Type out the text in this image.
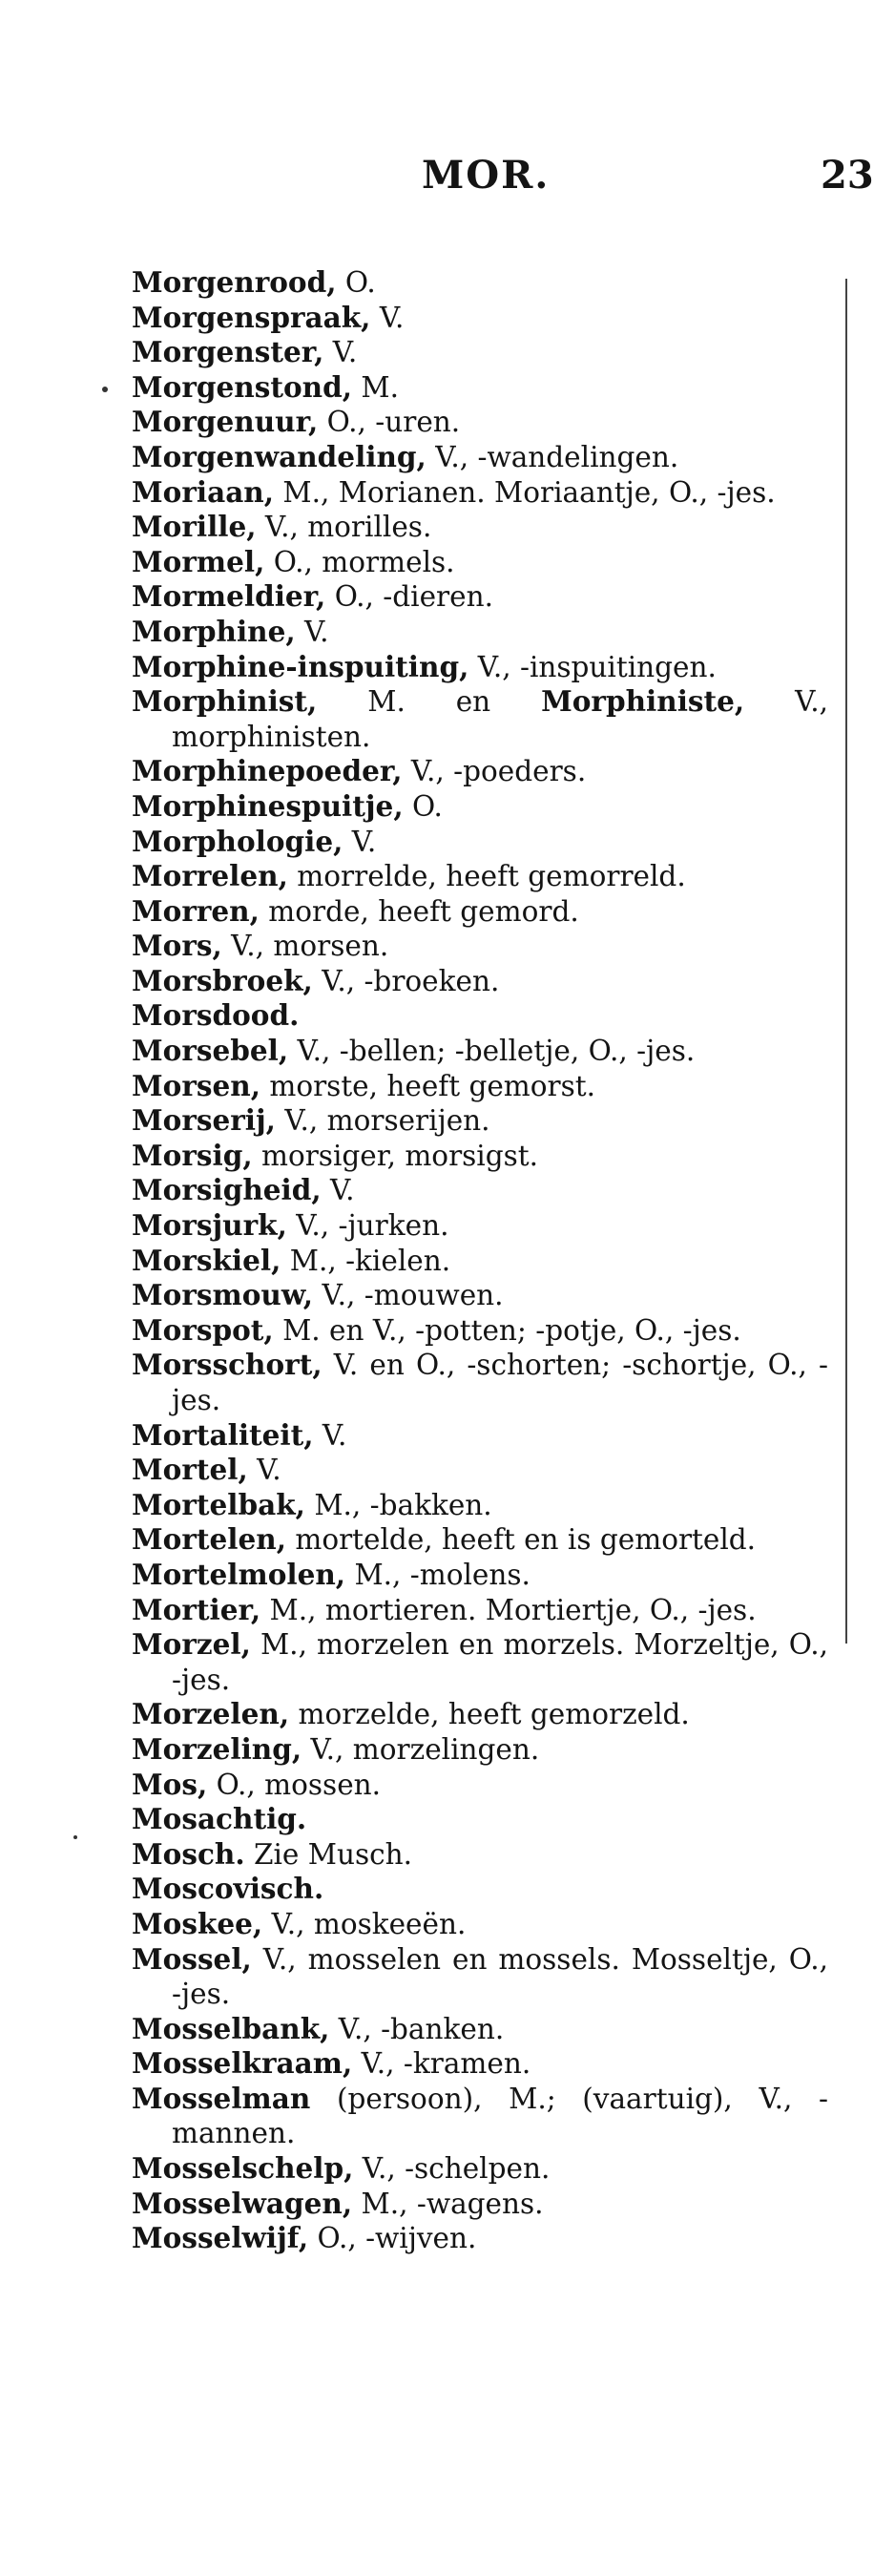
MOR.	23
Morgenrood, O.
Morgenspraak, V.
Morgenster, V.
Morgenstond, M.
Morgenuur, O., -uren.
Morgenwandeling, V., -wandelingen.
Moriaan, M., Morianen. Moriaantje, O., -jes.
Morille, V., morilles.
Mormel, O., mormels.
Mormeldier, O., -dieren.
Morphine, V.
Morphine-inspuiting, V., -inspuitingen.
Morphinist, M. en Morphiniste, V., morphinisten.
Morphinepoeder, V., -poeders.
Morphinespuitje, O.
Morphologie, V.
Morrelen, morrelde, heeft gemorreld.
Morren, morde, heeft gemord.
Mors, V., morsen.
Morsbroek, V., -broeken.
Morsdood.
Morsebel, V., -bellen; -belletje, O., -jes.
Morsen, morste, heeft gemorst.
Morserij, V., morserijen.
Morsig, morsiger, morsigst.
Morsigheid, V.
Morsjurk, V., -jurken.
Morskiel, M., -kielen.
Morsmouw, V., -mouwen.
Morspot, M. en V., -potten; -potje, O., -jes.
Morsschort, V. en O., -schorten; -schortje, O., -jes.
Mortaliteit, V.
Mortel, V.
Mortelbak, M., -bakken.
Mortelen, mortelde, heeft en is gemorteld.
Mortelmolen, M., -molens.
Mortier, M., mortieren. Mortiertje, O., -jes.
Morzel, M., morzelen en morzels. Morzeltje, O., -jes.
Morzelen, morzelde, heeft gemorzeld.
Morzeling, V., morzelingen.
Mos, O., mossen.
Mosachtig.
Mosch. Zie Musch.
Moscovisch.
Moskee, V., moskeeën.
Mossel, V., mosselen en mossels. Mosseltje, O., -jes.
Mosselbank, V., -banken.
Mosselkraam, V., -kramen.
Mosselman (persoon), M.; (vaartuig), V., -mannen.
Mosselschelp, V., -schelpen.
Mosselwagen, M., -wagens.
Mosselwijf, O., -wijven.
